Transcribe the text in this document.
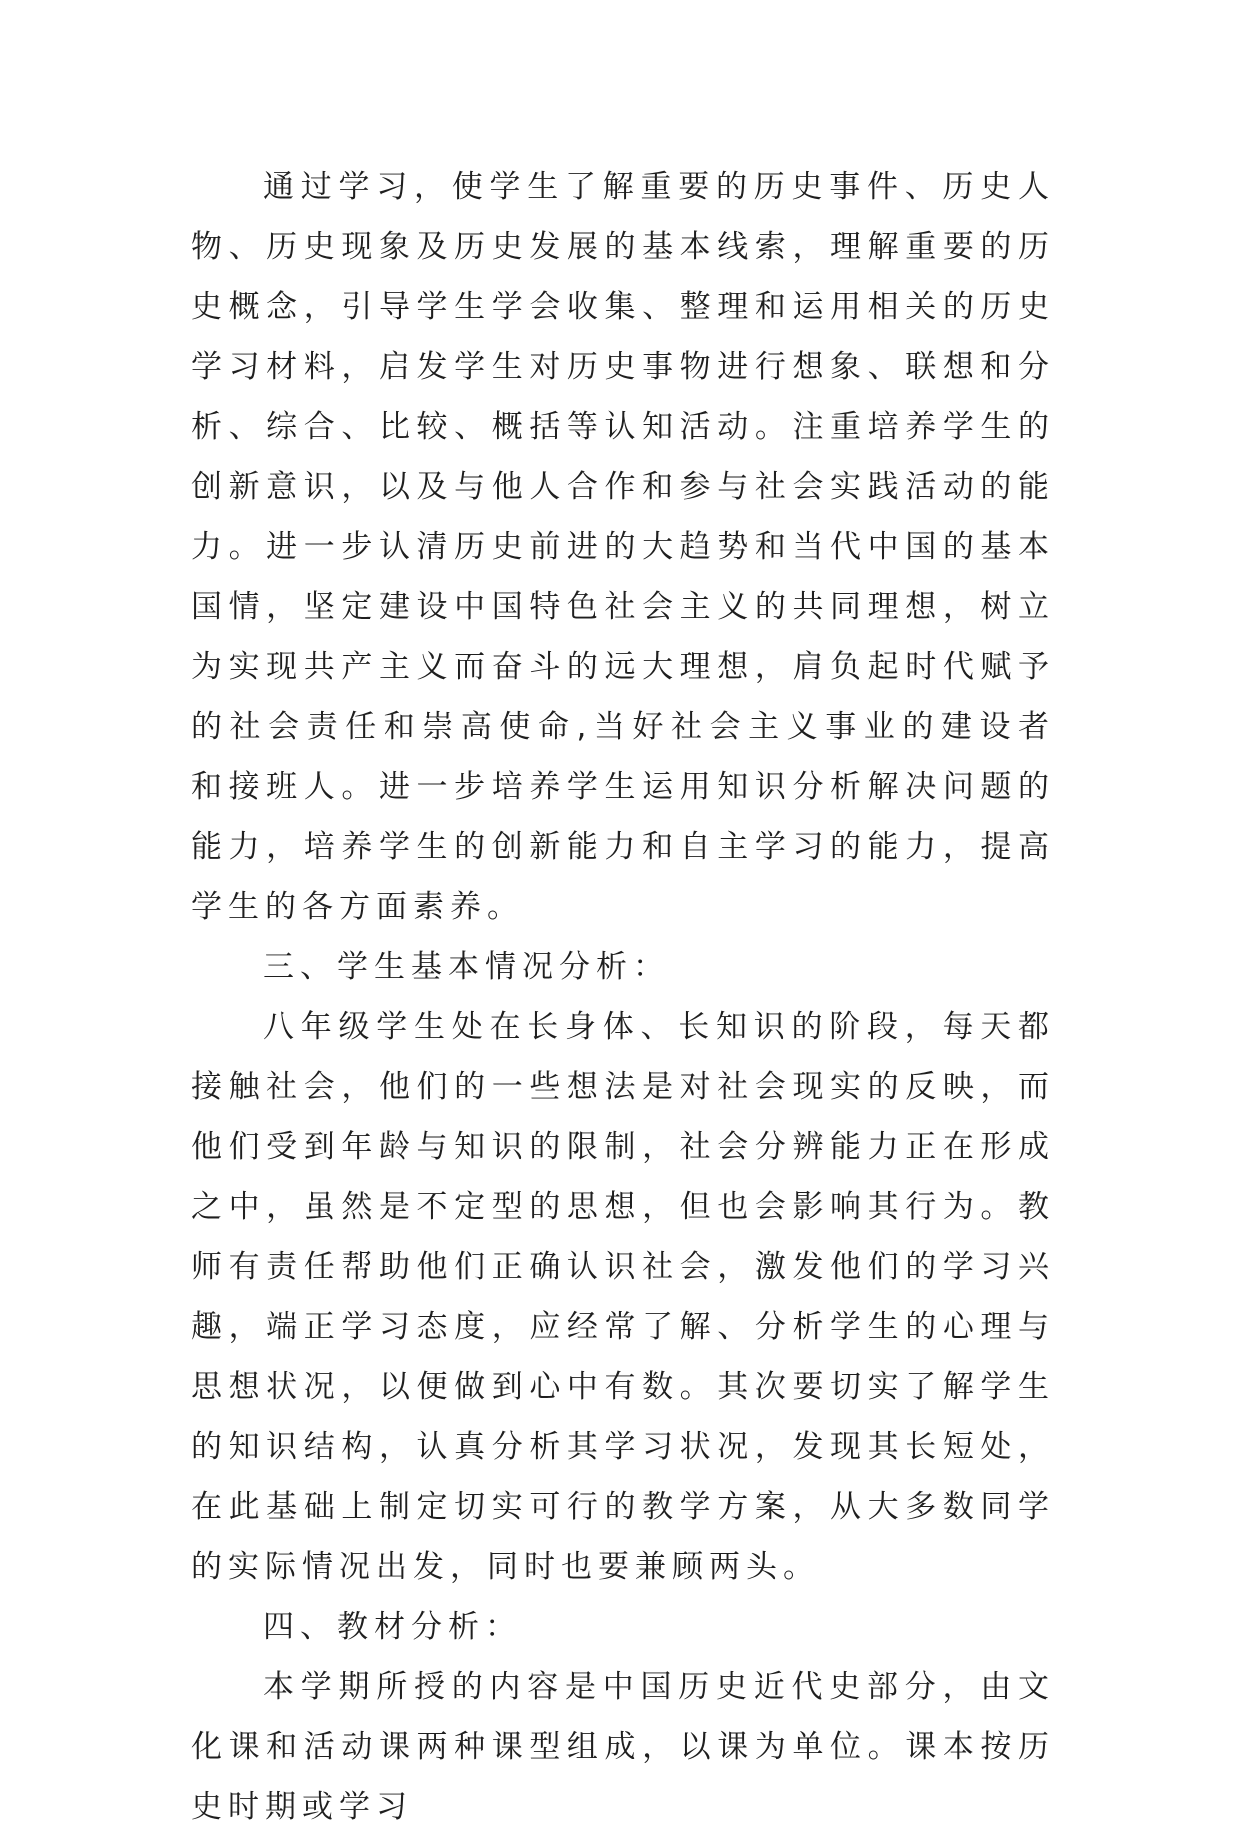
通过学习，使学生了解重要的历史事件、历史人物、历史现象及历史发展的基本线索，理解重要的历史概念，引导学生学会收集、整理和运用相关的历史学习材料，启发学生对历史事物进行想象、联想和分析、综合、比较、概括等认知活动。注重培养学生的创新意识，以及与他人合作和参与社会实践活动的能力。进一步认清历史前进的大趋势和当代中国的基本国情，坚定建设中国特色社会主义的共同理想，树立为实现共产主义而奋斗的远大理想，肩负起时代赋予的社会责任和崇高使命,当好社会主义事业的建设者和接班人。进一步培养学生运用知识分析解决问题的能力，培养学生的创新能力和自主学习的能力，提高学生的各方面素养。

三、学生基本情况分析：

八年级学生处在长身体、长知识的阶段，每天都接触社会，他们的一些想法是对社会现实的反映，而他们受到年龄与知识的限制，社会分辨能力正在形成之中，虽然是不定型的思想，但也会影响其行为。教师有责任帮助他们正确认识社会，激发他们的学习兴趣，端正学习态度，应经常了解、分析学生的心理与思想状况，以便做到心中有数。其次要切实了解学生的知识结构，认真分析其学习状况，发现其长短处，在此基础上制定切实可行的教学方案，从大多数同学的实际情况出发，同时也要兼顾两头。

四、教材分析：

本学期所授的内容是中国历史近代史部分，由文化课和活动课两种课型组成，以课为单位。课本按历史时期或学习
